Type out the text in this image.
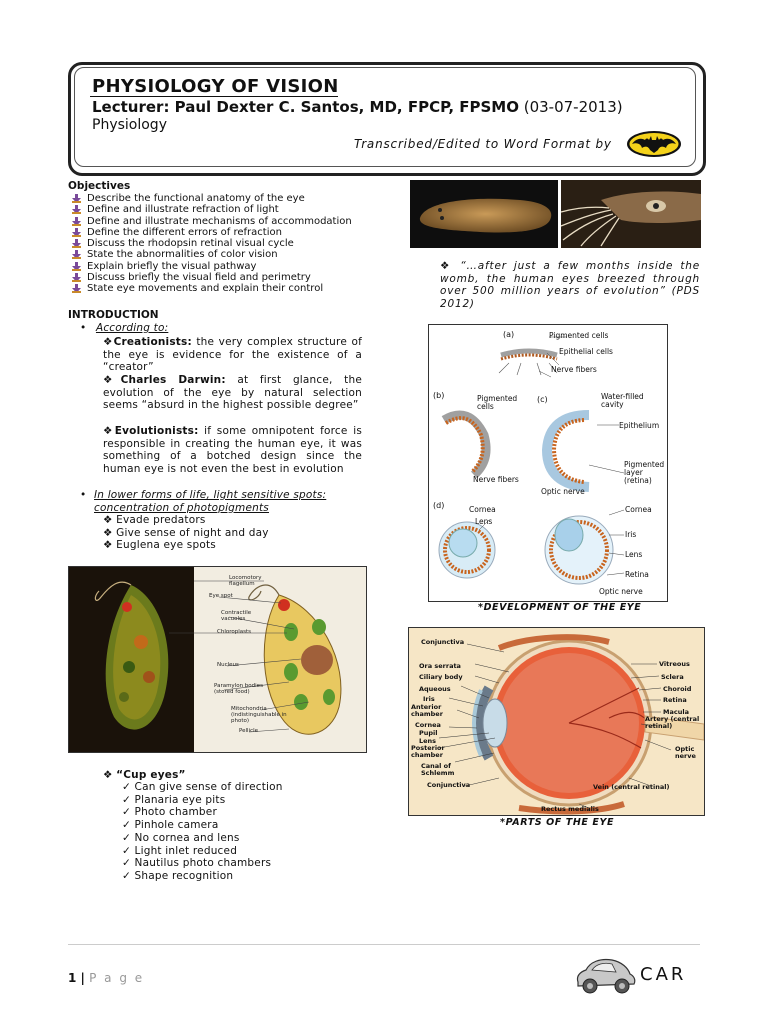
PHYSIOLOGY OF VISION
Lecturer: Paul Dexter C. Santos, MD, FPCP, FPSMO (03-07-2013)
Physiology
Transcribed/Edited to Word Format by
Objectives
Describe the functional anatomy of the eye
Define and illustrate refraction of light
Define and illustrate mechanisms of accommodation
Define the different errors of refraction
Discuss the rhodopsin retinal visual cycle
State the abnormalities of color vision
Explain briefly the visual pathway
Discuss briefly the visual field and perimetry
State eye movements and explain their control
INTRODUCTION
• According to:
❖Creationists: the very complex structure of the eye is evidence for the existence of a “creator”
❖Charles Darwin: at first glance, the evolution of the eye by natural selection seems “absurd in the highest possible degree”
❖Evolutionists: if some omnipotent force is responsible in creating the human eye, it was something of a botched design since the human eye is not even the best in evolution
• In lower forms of life, light sensitive spots: concentration of photopigments
❖ Evade predators
❖ Give sense of night and day
❖ Euglena eye spots
Locomotory flagellum
Eye spot
Contractile vacuoles
Chloroplasts
Nucleus
Paramylon bodies (stored food)
Mitochondria (indistinguishable in photo)
Pellicle
❖ “Cup eyes”
✓ Can give sense of direction
✓ Planaria eye pits
✓ Photo chamber
✓ Pinhole camera
✓ No cornea and lens
✓ Light inlet reduced
✓ Nautilus photo chambers
✓ Shape recognition
❖ “…after just a few months inside the womb, the human eyes breezed through over 500 million years of evolution” (PDS 2012)
(a)	Pigmented cells
Epithelial cells
Nerve fibers
(b)	Pigmented cells
Nerve fibers
(c)	Water-filled cavity
Epithelium
Pigmented layer (retina)
Optic nerve
(d)	Cornea
Lens
Cornea
Iris
Lens
Retina
Optic nerve
*DEVELOPMENT OF THE EYE
Conjunctiva
Ora serrata
Ciliary body
Aqueous
Iris
Anterior chamber
Cornea
Pupil
Lens
Posterior chamber
Canal of Schlemm
Conjunctiva
Vitreous
Sclera
Choroid
Retina
Macula
Artery (central retinal)
Optic nerve
Vein (central retinal)
Rectus medialis
*PARTS OF THE EYE
1 | P a g e	CAR
